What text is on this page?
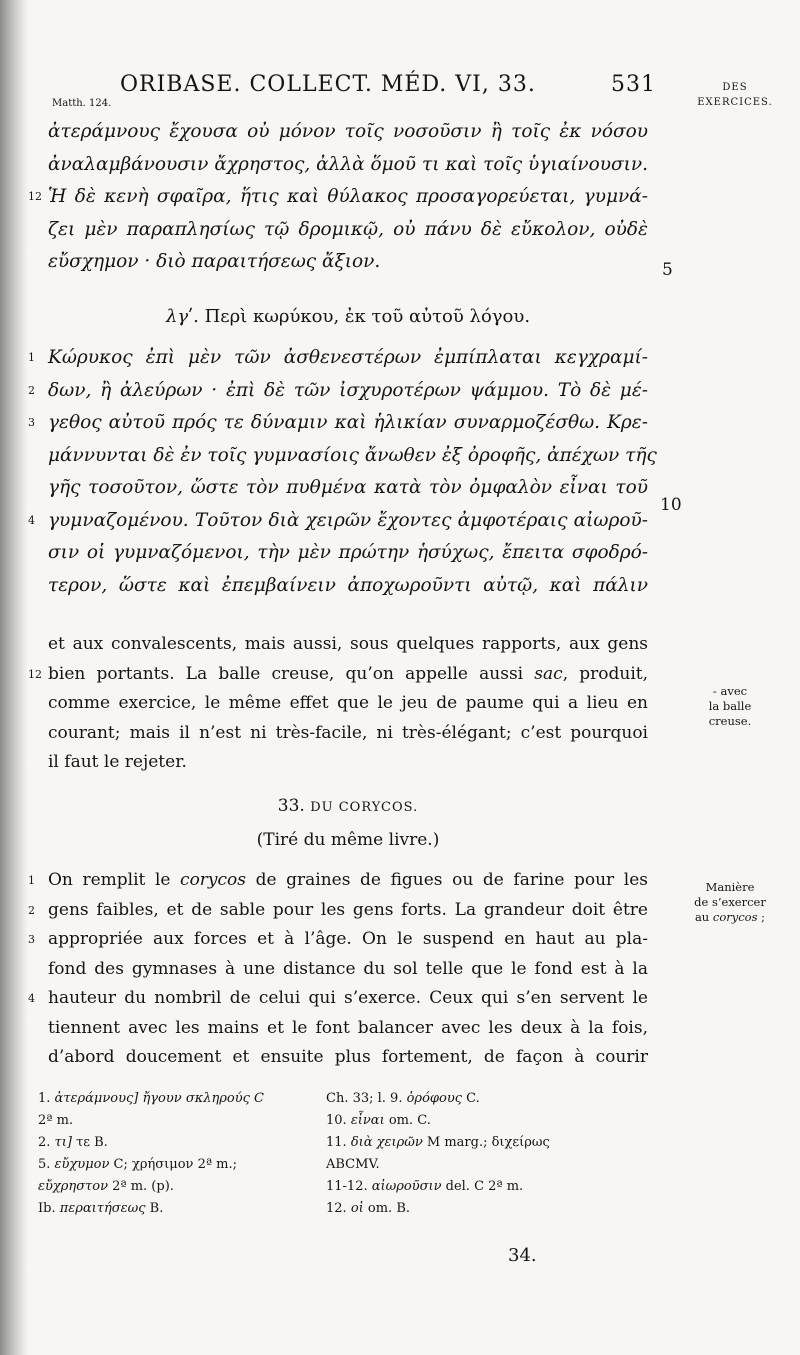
ORIBASE. COLLECT. MÉD. VI, 33.	531
Matth. 124.
DES
EXERCICES.
ἀτεράμνους ἔχουσα οὐ μόνον τοῖς νοσοῦσιν ἢ τοῖς ἐκ νόσου
ἀναλαμβάνουσιν ἄχρηστος, ἀλλὰ ὅμοῦ τι καὶ τοῖς ὑγιαίνουσιν.
12 Ἡ δὲ κενὴ σφαῖρα, ἥτις καὶ θύλακος προσαγορεύεται, γυμνά-
ζει μὲν παραπλησίως τῷ δρομικῷ, οὐ πάνυ δὲ εὔκολον, οὐδὲ
εὔσχημον · διὸ παραιτήσεως ἄξιον.	5
λγʹ. Περὶ κωρύκου, ἐκ τοῦ αὐτοῦ λόγου.
1 Κώρυκος ἐπὶ μὲν τῶν ἀσθενεστέρων ἐμπίπλαται κεγχραμί-
2 δων, ἢ ἀλεύρων · ἐπὶ δὲ τῶν ἰσχυροτέρων ψάμμου. Τὸ δὲ μέ-
3 γεθος αὐτοῦ πρός τε δύναμιν καὶ ἡλικίαν συναρμοζέσθω. Κρε-
μάννυνται δὲ ἐν τοῖς γυμνασίοις ἄνωθεν ἐξ ὀροφῆς, ἀπέχων τῆς
γῆς τοσοῦτον, ὥστε τὸν πυθμένα κατὰ τὸν ὀμφαλὸν εἶναι τοῦ
4 γυμναζομένου. Τοῦτον διὰ χειρῶν ἔχοντες ἀμφοτέραις αἰωροῦ-
σιν οἱ γυμναζόμενοι, τὴν μὲν πρώτην ἡσύχως, ἔπειτα σφοδρό-
τερον, ὥστε καὶ ἐπεμβαίνειν ἀποχωροῦντι αὐτῷ, καὶ πάλιν
10
et aux convalescents, mais aussi, sous quelques rapports, aux gens
12 bien portants. La balle creuse, qu’on appelle aussi sac, produit,
comme exercice, le même effet que le jeu de paume qui a lieu en
courant; mais il n’est ni très-facile, ni très-élégant; c’est pourquoi
il faut le rejeter.
- avec
la balle
creuse.
33. DU CORYCOS.
(Tiré du même livre.)
1 On remplit le corycos de graines de figues ou de farine pour les
2 gens faibles, et de sable pour les gens forts. La grandeur doit être
3 appropriée aux forces et à l’âge. On le suspend en haut au pla-
fond des gymnases à une distance du sol telle que le fond est à la
4 hauteur du nombril de celui qui s’exerce. Ceux qui s’en servent le
tiennent avec les mains et le font balancer avec les deux à la fois,
d’abord doucement et ensuite plus fortement, de façon à courir
Manière
de s’exercer
au corycos ;
1. ἀτεράμνους] ἤγουν σκληρούς C
2ª m.
2. τι] τε B.
5. εὔχυμον C; χρήσιμον 2ª m.;
εὔχρηστον 2ª m. (p).
Ib. περαιτήσεως B.
Ch. 33; l. 9. ὀρόφους C.
10. εἶναι om. C.
11. διὰ χειρῶν M marg.; διχείρως
ABCMV.
11-12. αἰωροῦσιν del. C 2ª m.
12. οἱ om. B.
34.
